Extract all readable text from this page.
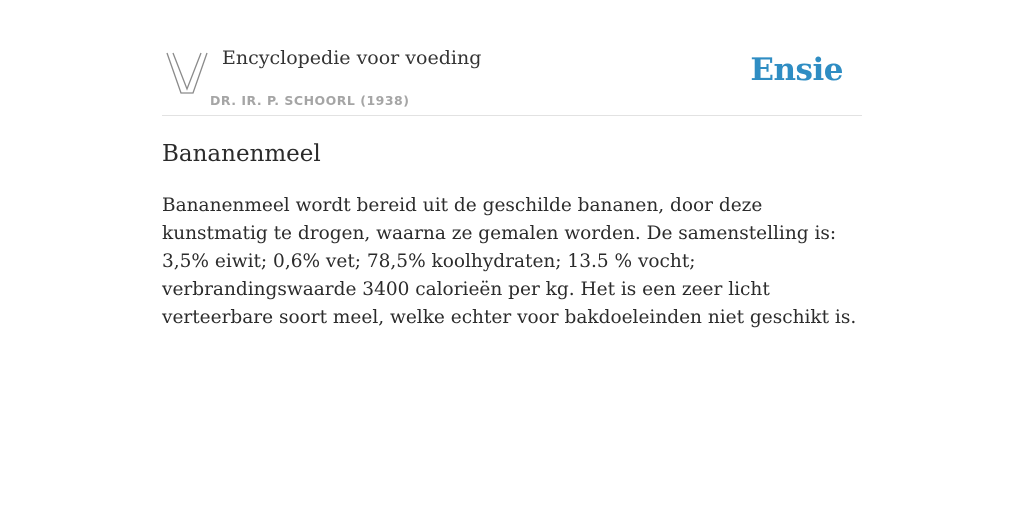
Encyclopedie voor voeding
DR. IR. P. SCHOORL (1938)
Ensie
Bananenmeel

Bananenmeel wordt bereid uit de geschilde bananen, door deze kunstmatig te drogen, waarna ze gemalen worden. De samenstelling is: 3,5% eiwit; 0,6% vet; 78,5% koolhydraten; 13.5 % vocht; verbrandingswaarde 3400 calorieën per kg. Het is een zeer licht verteerbare soort meel, welke echter voor bakdoeleinden niet geschikt is.
